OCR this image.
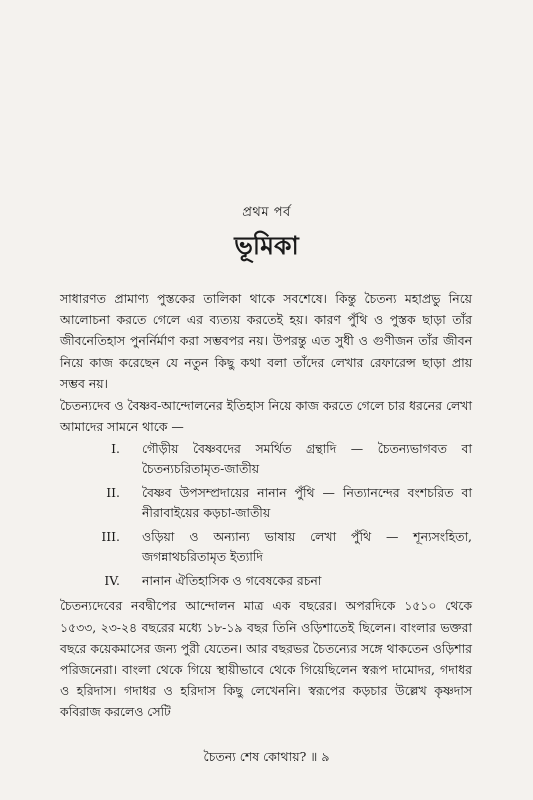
প্রথম পর্ব
ভূমিকা

সাধারণত প্রামাণ্য পুস্তকের তালিকা থাকে সবশেষে। কিন্তু চৈতন্য মহাপ্রভু নিয়ে আলোচনা করতে গেলে এর ব্যত্যয় করতেই হয়। কারণ পুঁথি ও পুস্তক ছাড়া তাঁর জীবনেতিহাস পুনর্নির্মাণ করা সম্ভবপর নয়। উপরন্তু এত সুধী ও গুণীজন তাঁর জীবন নিয়ে কাজ করেছেন যে নতুন কিছু কথা বলা তাঁদের লেখার রেফারেন্স ছাড়া প্রায় সম্ভব নয়।

চৈতন্যদেব ও বৈষ্ণব-আন্দোলনের ইতিহাস নিয়ে কাজ করতে গেলে চার ধরনের লেখা আমাদের সামনে থাকে —

I.	গৌড়ীয় বৈষ্ণবদের সমর্থিত গ্রন্থাদি — চৈতন্যভাগবত বা চৈতন্যচরিতামৃত-জাতীয়
II.	বৈষ্ণব উপসম্প্রদায়ের নানান পুঁথি — নিত্যানন্দের বংশচরিত বা নীরাবাইয়ের কড়চা-জাতীয়
III.	ওড়িয়া ও অন্যান্য ভাষায় লেখা পুঁথি — শূন্যসংহিতা, জগন্নাথচরিতামৃত ইত্যাদি
IV.	নানান ঐতিহাসিক ও গবেষকের রচনা

চৈতন্যদেবের নবদ্বীপের আন্দোলন মাত্র এক বছরের। অপরদিকে ১৫১০ থেকে ১৫৩৩, ২৩-২৪ বছরের মধ্যে ১৮-১৯ বছর তিনি ওড়িশাতেই ছিলেন। বাংলার ভক্তরা বছরে কয়েকমাসের জন্য পুরী যেতেন। আর বছরভর চৈতন্যের সঙ্গে থাকতেন ওড়িশার পরিজনেরা। বাংলা থেকে গিয়ে স্থায়ীভাবে থেকে গিয়েছিলেন স্বরূপ দামোদর, গদাধর ও হরিদাস। গদাধর ও হরিদাস কিছু লেখেননি। স্বরূপের কড়চার উল্লেখ কৃষ্ণদাস কবিরাজ করলেও সেটি

চৈতন্য শেষ কোথায়? ॥ ৯
